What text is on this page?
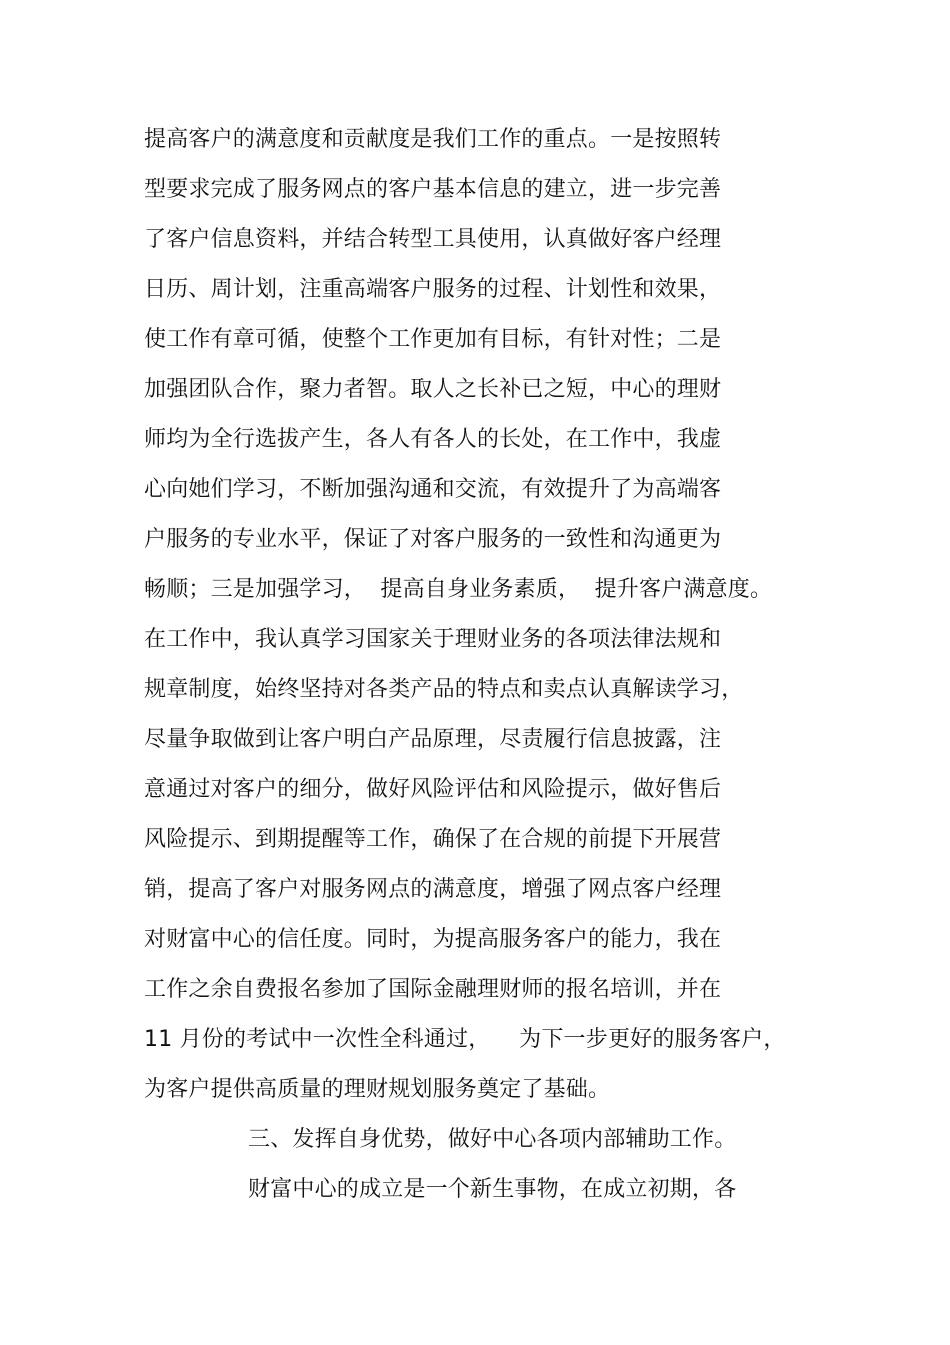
提高客户的满意度和贡献度是我们工作的重点。一是按照转
型要求完成了服务网点的客户基本信息的建立，进一步完善
了客户信息资料，并结合转型工具使用，认真做好客户经理
日历、周计划，注重高端客户服务的过程、计划性和效果，
使工作有章可循，使整个工作更加有目标，有针对性；二是
加强团队合作，聚力者智。取人之长补已之短，中心的理财
师均为全行选拔产生，各人有各人的长处，在工作中，我虚
心向她们学习，不断加强沟通和交流，有效提升了为高端客
户服务的专业水平，保证了对客户服务的一致性和沟通更为
畅顺；三是加强学习，  提高自身业务素质，  提升客户满意度。
在工作中，我认真学习国家关于理财业务的各项法律法规和
规章制度，始终坚持对各类产品的特点和卖点认真解读学习，
尽量争取做到让客户明白产品原理，尽责履行信息披露，注
意通过对客户的细分，做好风险评估和风险提示，做好售后
风险提示、到期提醒等工作，确保了在合规的前提下开展营
销，提高了客户对服务网点的满意度，增强了网点客户经理
对财富中心的信任度。同时，为提高服务客户的能力，我在
工作之余自费报名参加了国际金融理财师的报名培训，并在
11 月份的考试中一次性全科通过，    为下一步更好的服务客户，
为客户提供高质量的理财规划服务奠定了基础。
三、发挥自身优势，做好中心各项内部辅助工作。
财富中心的成立是一个新生事物，在成立初期，各
